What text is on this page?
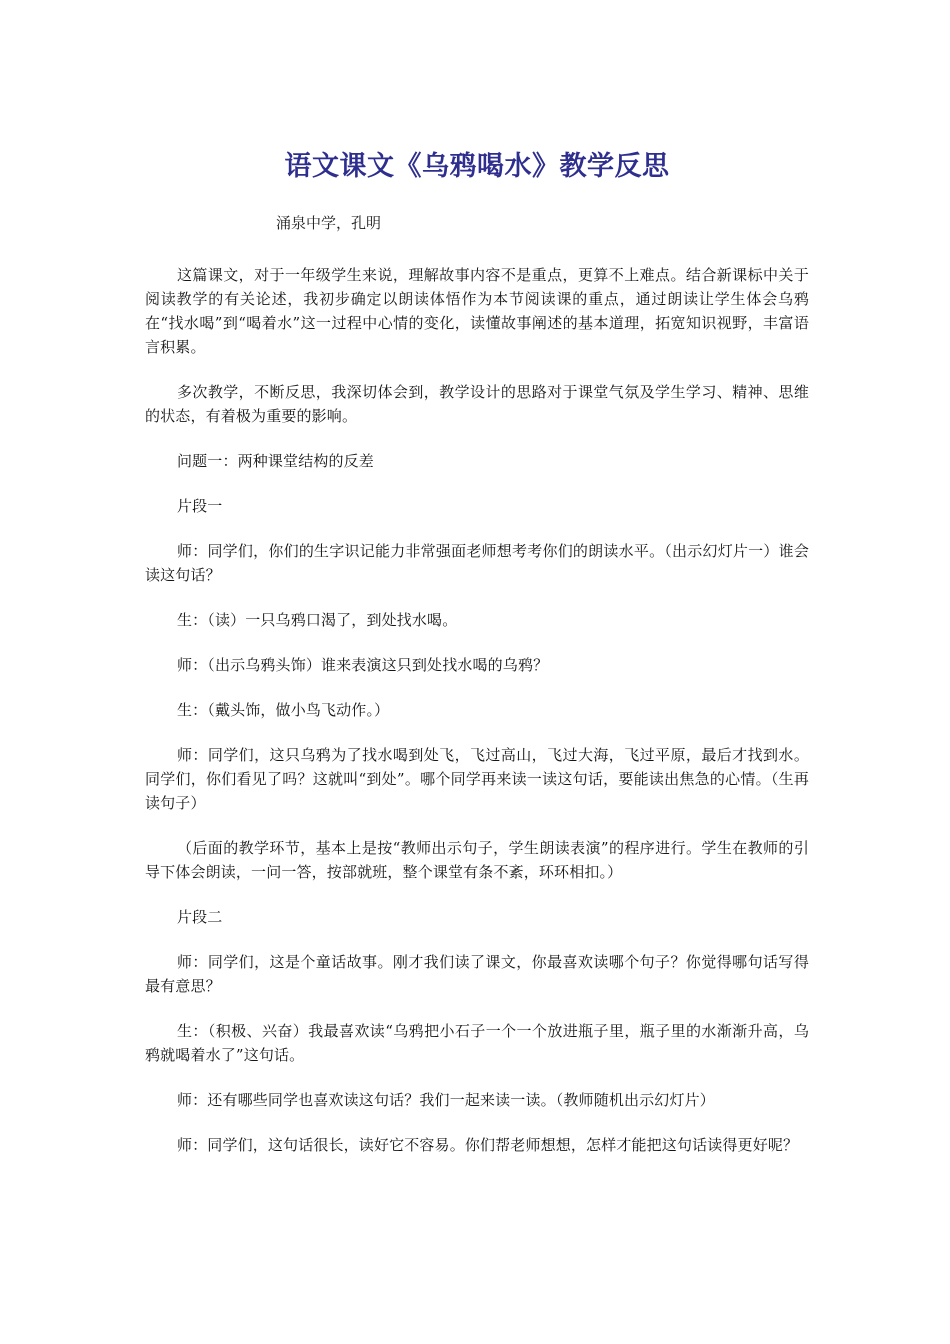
语文课文《乌鸦喝水》教学反思
涌泉中学，孔明

这篇课文，对于一年级学生来说，理解故事内容不是重点，更算不上难点。结合新课标中关于阅读教学的有关论述，我初步确定以朗读体悟作为本节阅读课的重点，通过朗读让学生体会乌鸦在“找水喝”到“喝着水”这一过程中心情的变化，读懂故事阐述的基本道理，拓宽知识视野，丰富语言积累。

多次教学，不断反思，我深切体会到，教学设计的思路对于课堂气氛及学生学习、精神、思维的状态，有着极为重要的影响。

问题一：两种课堂结构的反差

片段一

师：同学们，你们的生字识记能力非常强面老师想考考你们的朗读水平。（出示幻灯片一）谁会读这句话？

生：（读）一只乌鸦口渴了，到处找水喝。

师：（出示乌鸦头饰）谁来表演这只到处找水喝的乌鸦？

生：（戴头饰，做小鸟飞动作。）

师：同学们，这只乌鸦为了找水喝到处飞，飞过高山，飞过大海，飞过平原，最后才找到水。同学们，你们看见了吗？这就叫“到处”。哪个同学再来读一读这句话，要能读出焦急的心情。（生再读句子）

（后面的教学环节，基本上是按“教师出示句子，学生朗读表演”的程序进行。学生在教师的引导下体会朗读，一问一答，按部就班，整个课堂有条不紊，环环相扣。）

片段二

师：同学们，这是个童话故事。刚才我们读了课文，你最喜欢读哪个句子？你觉得哪句话写得最有意思？

生：（积极、兴奋）我最喜欢读“乌鸦把小石子一个一个放进瓶子里，瓶子里的水渐渐升高，乌鸦就喝着水了”这句话。

师：还有哪些同学也喜欢读这句话？我们一起来读一读。（教师随机出示幻灯片）

师：同学们，这句话很长，读好它不容易。你们帮老师想想，怎样才能把这句话读得更好呢？
